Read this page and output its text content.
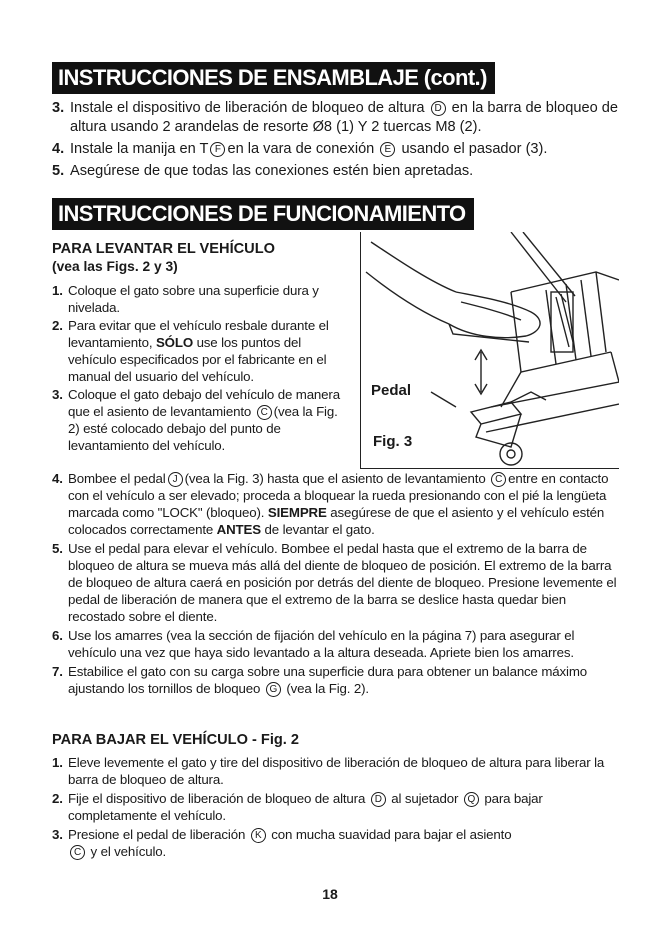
INSTRUCCIONES DE ENSAMBLAJE (cont.)
3. Instale el dispositivo de liberación de bloqueo de altura D en la barra de bloqueo de altura usando 2 arandelas de resorte Ø8 (1) Y 2 tuercas M8 (2).
4. Instale la manija en T F en la vara de conexión E usando el pasador (3).
5. Asegúrese de que todas las conexiones estén bien apretadas.
INSTRUCCIONES DE FUNCIONAMIENTO
PARA LEVANTAR EL VEHÍCULO
(vea las Figs. 2 y 3)
1. Coloque el gato sobre una superficie dura y nivelada.
2. Para evitar que el vehículo resbale durante el levantamiento, SÓLO use los puntos del vehículo especificados por el fabricante en el manual del usuario del vehículo.
3. Coloque el gato debajo del vehículo de manera que el asiento de levantamiento C (vea la Fig. 2) esté colocado debajo del punto de levantamiento del vehículo.
Pedal
Fig. 3
4. Bombee el pedal J (vea la Fig. 3) hasta que el asiento de levantamiento C entre en contacto con el vehículo a ser elevado; proceda a bloquear la rueda presionando con el pié la lengüeta marcada como "LOCK" (bloqueo). SIEMPRE asegúrese de que el asiento y el vehículo estén colocados correctamente ANTES de levantar el gato.
5. Use el pedal para elevar el vehículo. Bombee el pedal hasta que el extremo de la barra de bloqueo de altura se mueva más allá del diente de bloqueo de posición. El extremo de la barra de bloqueo de altura caerá en posición por detrás del diente de bloqueo. Presione levemente el pedal de liberación de manera que el extremo de la barra se deslice hasta quedar bien recostado sobre el diente.
6. Use los amarres (vea la sección de fijación del vehículo en la página 7) para asegurar el vehículo una vez que haya sido levantado a la altura deseada. Apriete bien los amarres.
7. Estabilice el gato con su carga sobre una superficie dura para obtener un balance máximo ajustando los tornillos de bloqueo G (vea la Fig. 2).
PARA BAJAR EL VEHÍCULO - Fig. 2
1. Eleve levemente el gato y tire del dispositivo de liberación de bloqueo de altura para liberar la barra de bloqueo de altura.
2. Fije el dispositivo de liberación de bloqueo de altura D al sujetador Q para bajar completamente el vehículo.
3. Presione el pedal de liberación K con mucha suavidad para bajar el asiento
C y el vehículo.
18
